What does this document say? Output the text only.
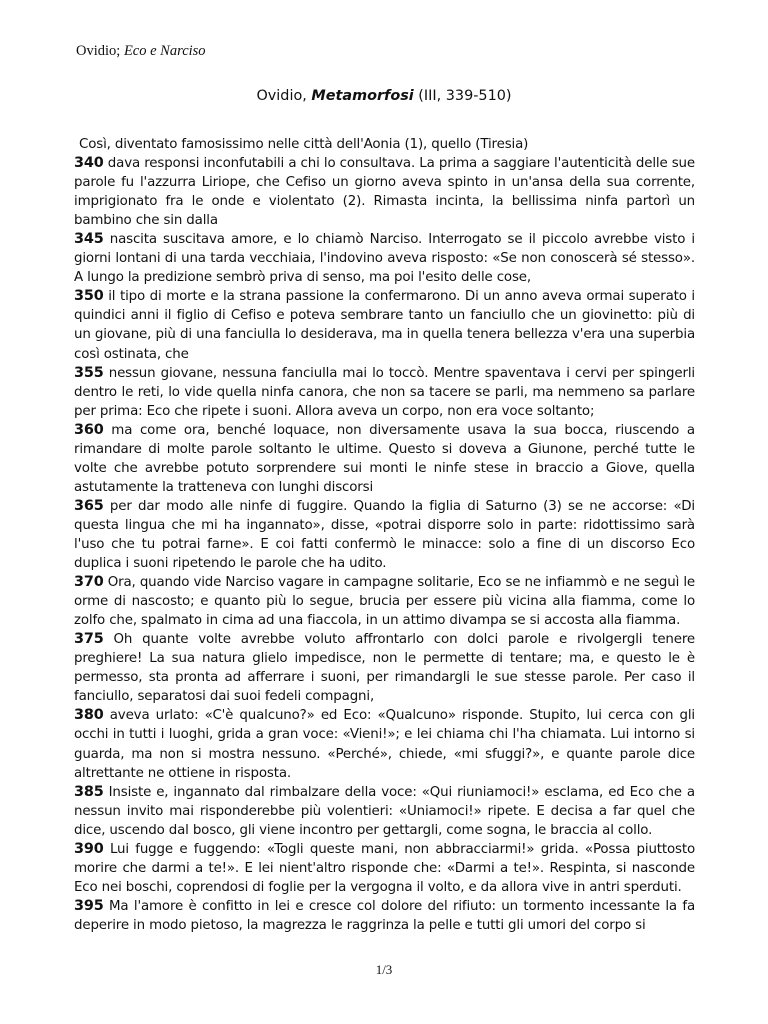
Ovidio; Eco e Narciso
Ovidio, Metamorfosi (III, 339-510)

Così, diventato famosissimo nelle città dell'Aonia (1), quello (Tiresia)

340 dava responsi inconfutabili a chi lo consultava. La prima a saggiare l'autenticità delle sue parole fu l'azzurra Liriope, che Cefiso un giorno aveva spinto in un'ansa della sua corrente, imprigionato fra le onde e violentato (2). Rimasta incinta, la bellissima ninfa partorì un bambino che sin dalla

345 nascita suscitava amore, e lo chiamò Narciso. Interrogato se il piccolo avrebbe visto i giorni lontani di una tarda vecchiaia, l'indovino aveva risposto: «Se non conoscerà sé stesso». A lungo la predizione sembrò priva di senso, ma poi l'esito delle cose,

350 il tipo di morte e la strana passione la confermarono. Di un anno aveva ormai superato i quindici anni il figlio di Cefiso e poteva sembrare tanto un fanciullo che un giovinetto: più di un giovane, più di una fanciulla lo desiderava, ma in quella tenera bellezza v'era una superbia così ostinata, che

355 nessun giovane, nessuna fanciulla mai lo toccò. Mentre spaventava i cervi per spingerli dentro le reti, lo vide quella ninfa canora, che non sa tacere se parli, ma nemmeno sa parlare per prima: Eco che ripete i suoni. Allora aveva un corpo, non era voce soltanto;

360 ma come ora, benché loquace, non diversamente usava la sua bocca, riuscendo a rimandare di molte parole soltanto le ultime. Questo si doveva a Giunone, perché tutte le volte che avrebbe potuto sorprendere sui monti le ninfe stese in braccio a Giove, quella astutamente la tratteneva con lunghi discorsi

365 per dar modo alle ninfe di fuggire. Quando la figlia di Saturno (3) se ne accorse: «Di questa lingua che mi ha ingannato», disse, «potrai disporre solo in parte: ridottissimo sarà l'uso che tu potrai farne». E coi fatti confermò le minacce: solo a fine di un discorso Eco duplica i suoni ripetendo le parole che ha udito.

370 Ora, quando vide Narciso vagare in campagne solitarie, Eco se ne infiammò e ne seguì le orme di nascosto; e quanto più lo segue, brucia per essere più vicina alla fiamma, come lo zolfo che, spalmato in cima ad una fiaccola, in un attimo divampa se si accosta alla fiamma.

375 Oh quante volte avrebbe voluto affrontarlo con dolci parole e rivolgergli tenere preghiere! La sua natura glielo impedisce, non le permette di tentare; ma, e questo le è permesso, sta pronta ad afferrare i suoni, per rimandargli le sue stesse parole. Per caso il fanciullo, separatosi dai suoi fedeli compagni,

380 aveva urlato: «C'è qualcuno?» ed Eco: «Qualcuno» risponde. Stupito, lui cerca con gli occhi in tutti i luoghi, grida a gran voce: «Vieni!»; e lei chiama chi l'ha chiamata. Lui intorno si guarda, ma non si mostra nessuno. «Perché», chiede, «mi sfuggi?», e quante parole dice altrettante ne ottiene in risposta.

385 Insiste e, ingannato dal rimbalzare della voce: «Qui riuniamoci!» esclama, ed Eco che a nessun invito mai risponderebbe più volentieri: «Uniamoci!» ripete. E decisa a far quel che dice, uscendo dal bosco, gli viene incontro per gettargli, come sogna, le braccia al collo.

390 Lui fugge e fuggendo: «Togli queste mani, non abbracciarmi!» grida. «Possa piuttosto morire che darmi a te!». E lei nient'altro risponde che: «Darmi a te!». Respinta, si nasconde Eco nei boschi, coprendosi di foglie per la vergogna il volto, e da allora vive in antri sperduti.

395 Ma l'amore è confitto in lei e cresce col dolore del rifiuto: un tormento incessante la fa deperire in modo pietoso, la magrezza le raggrinza la pelle e tutti gli umori del corpo si

1/3
